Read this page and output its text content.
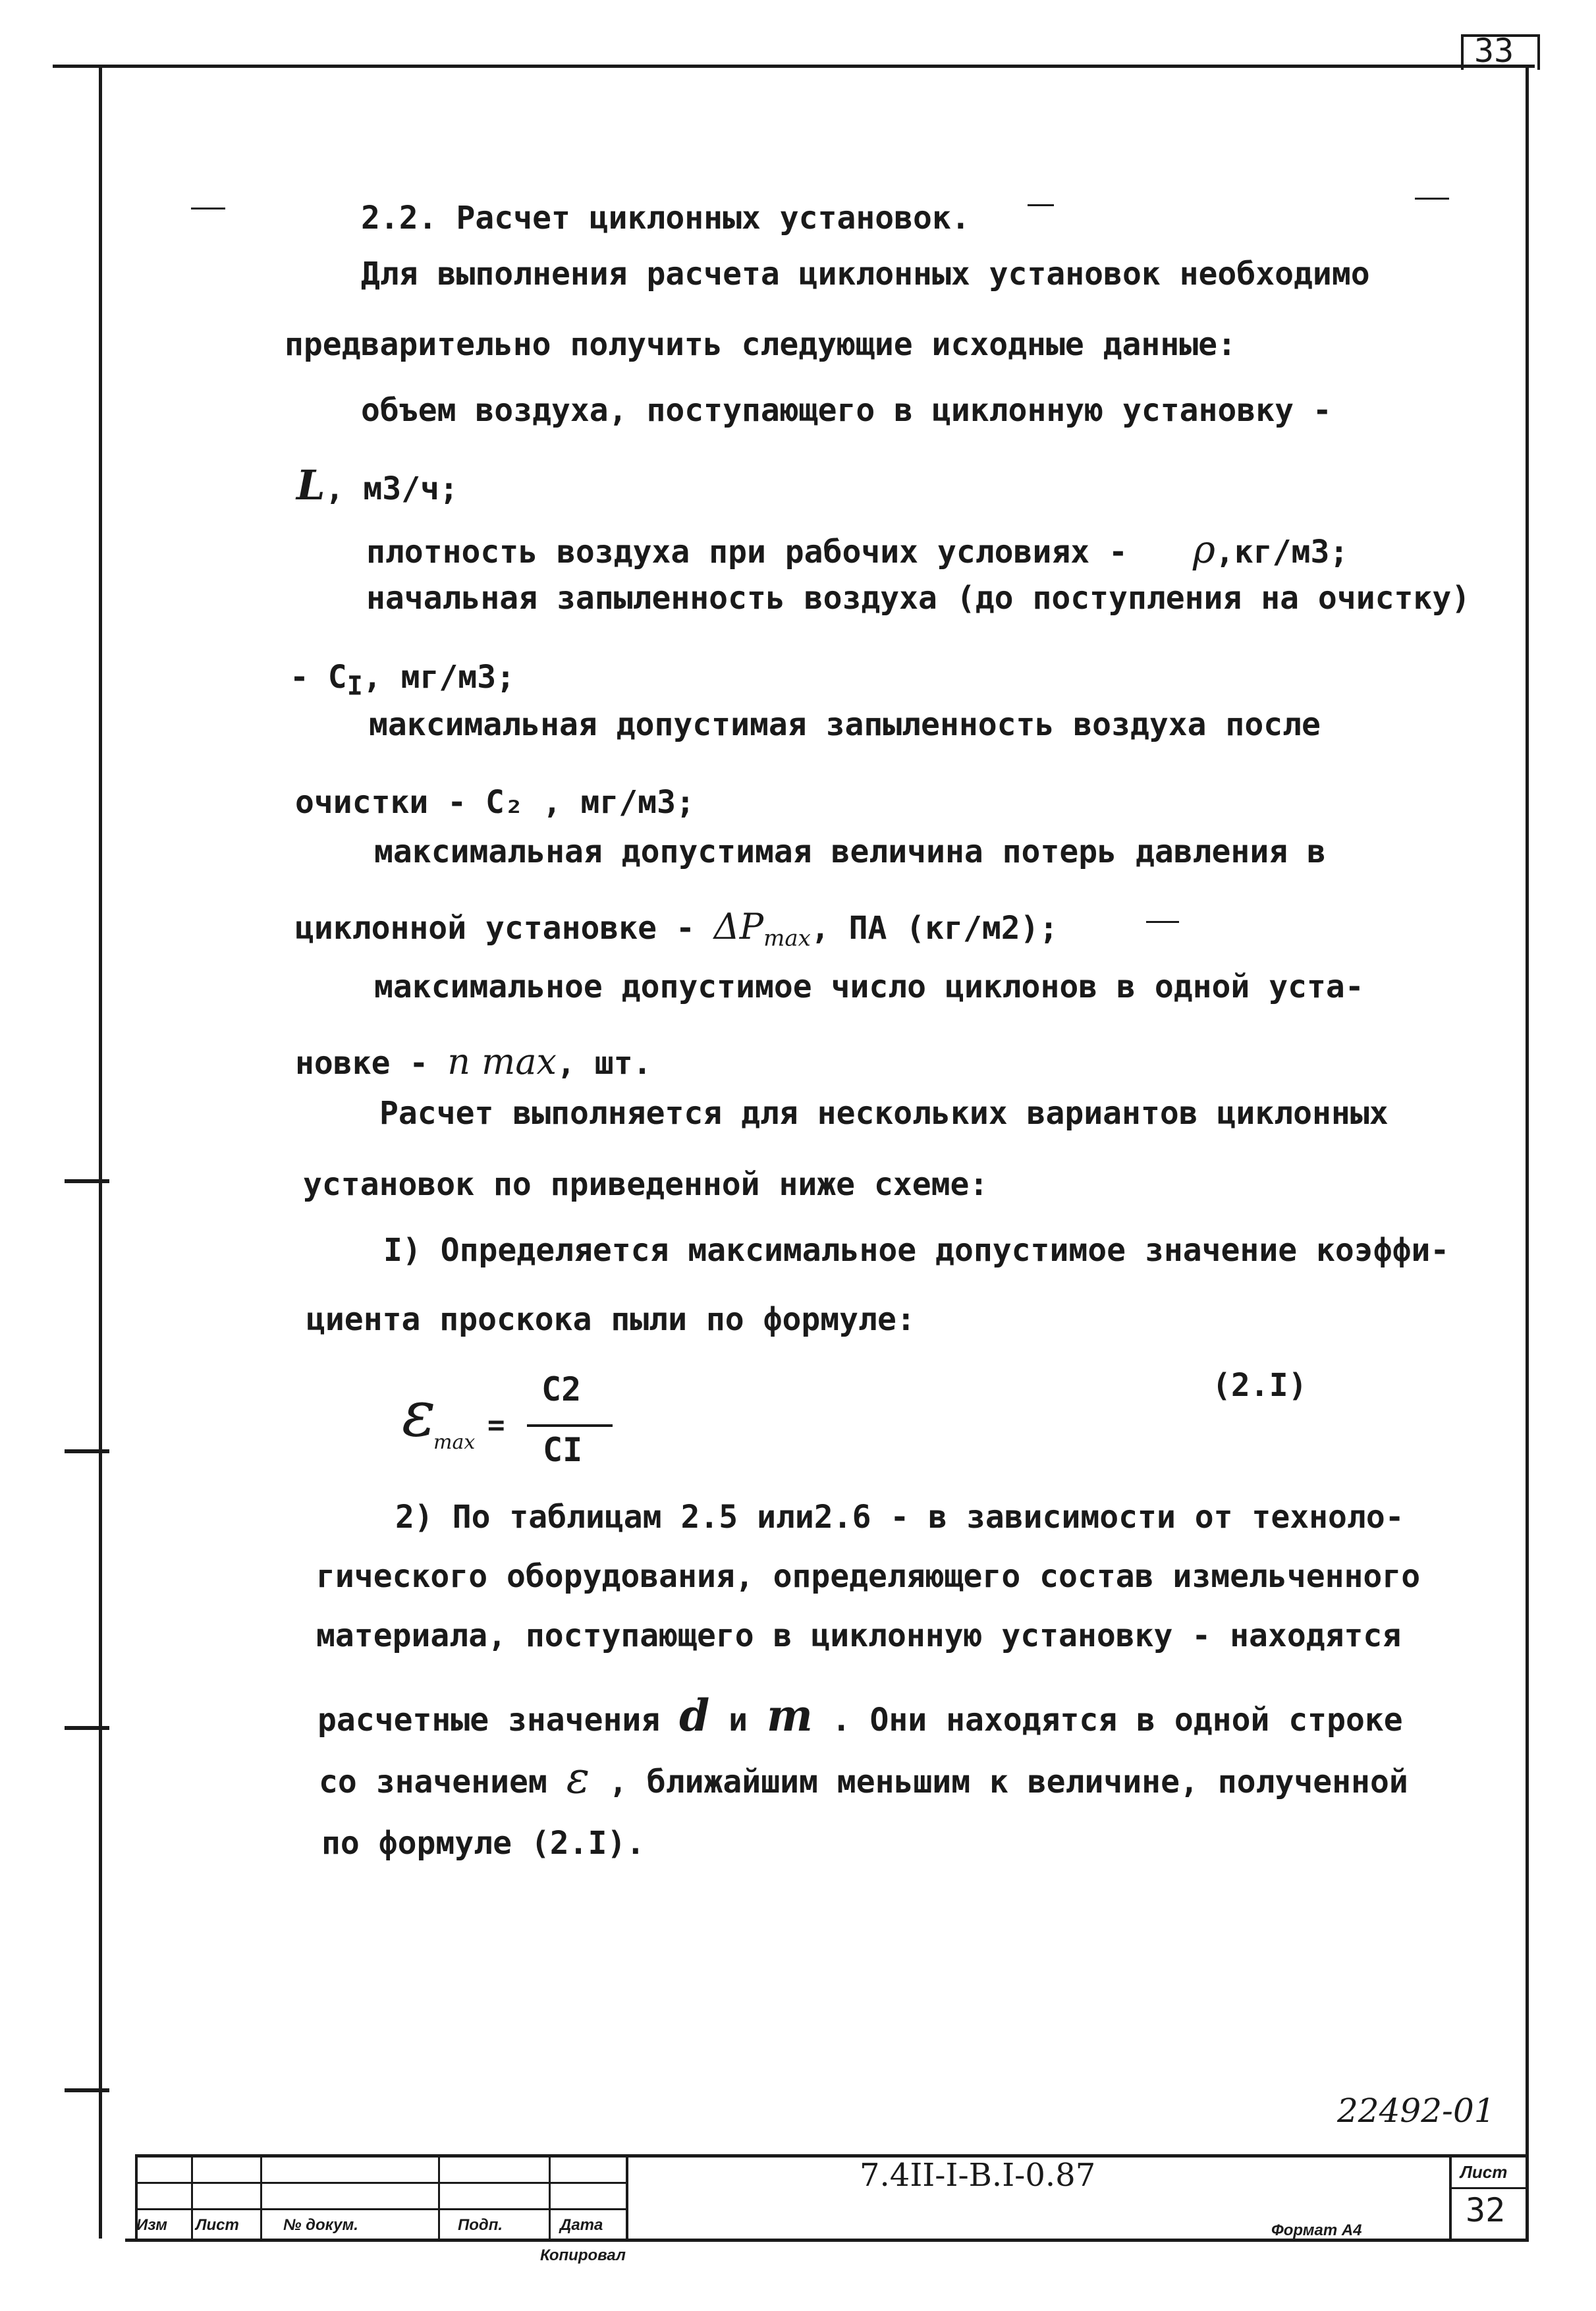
33
2.2. Расчет циклонных установок.
Для выполнения расчета циклонных установок необходимо
предварительно получить следующие исходные данные:
объем воздуха, поступающего в циклонную установку -
L, м3/ч;
плотность воздуха при рабочих условиях - ρ,кг/м3;
начальная запыленность воздуха (до поступления на очистку)
- $C_I$, мг/м3;
максимальная допустимая запыленность воздуха после
очистки - C₂ , мг/м3;
максимальная допустимая величина потерь давления в
циклонной установке - $\Delta P_{max}$, ПА (кг/м2);
максимальное допустимое число циклонов в одной уста-
новке - n max, шт.
Расчет выполняется для нескольких вариантов циклонных
установок по приведенной ниже схеме:
I) Определяется максимальное допустимое значение коэффи-
циента проскока пыли по формуле:
ε
max
=
C2
CI
(2.I)
2) По таблицам 2.5 или2.6 - в зависимости от техноло-
гического оборудования, определяющего состав измельченного
материала, поступающего в циклонную установку - находятся
расчетные значения d и m . Они находятся в одной строке
со значением ε , ближайшим меньшим к величине, полученной
по формуле (2.I).
22492-01
7.4II-I-B.I-0.87	Лист
32
Изм Лист	№ докум.	Подп.	Дата
Копировал
Формат А4
